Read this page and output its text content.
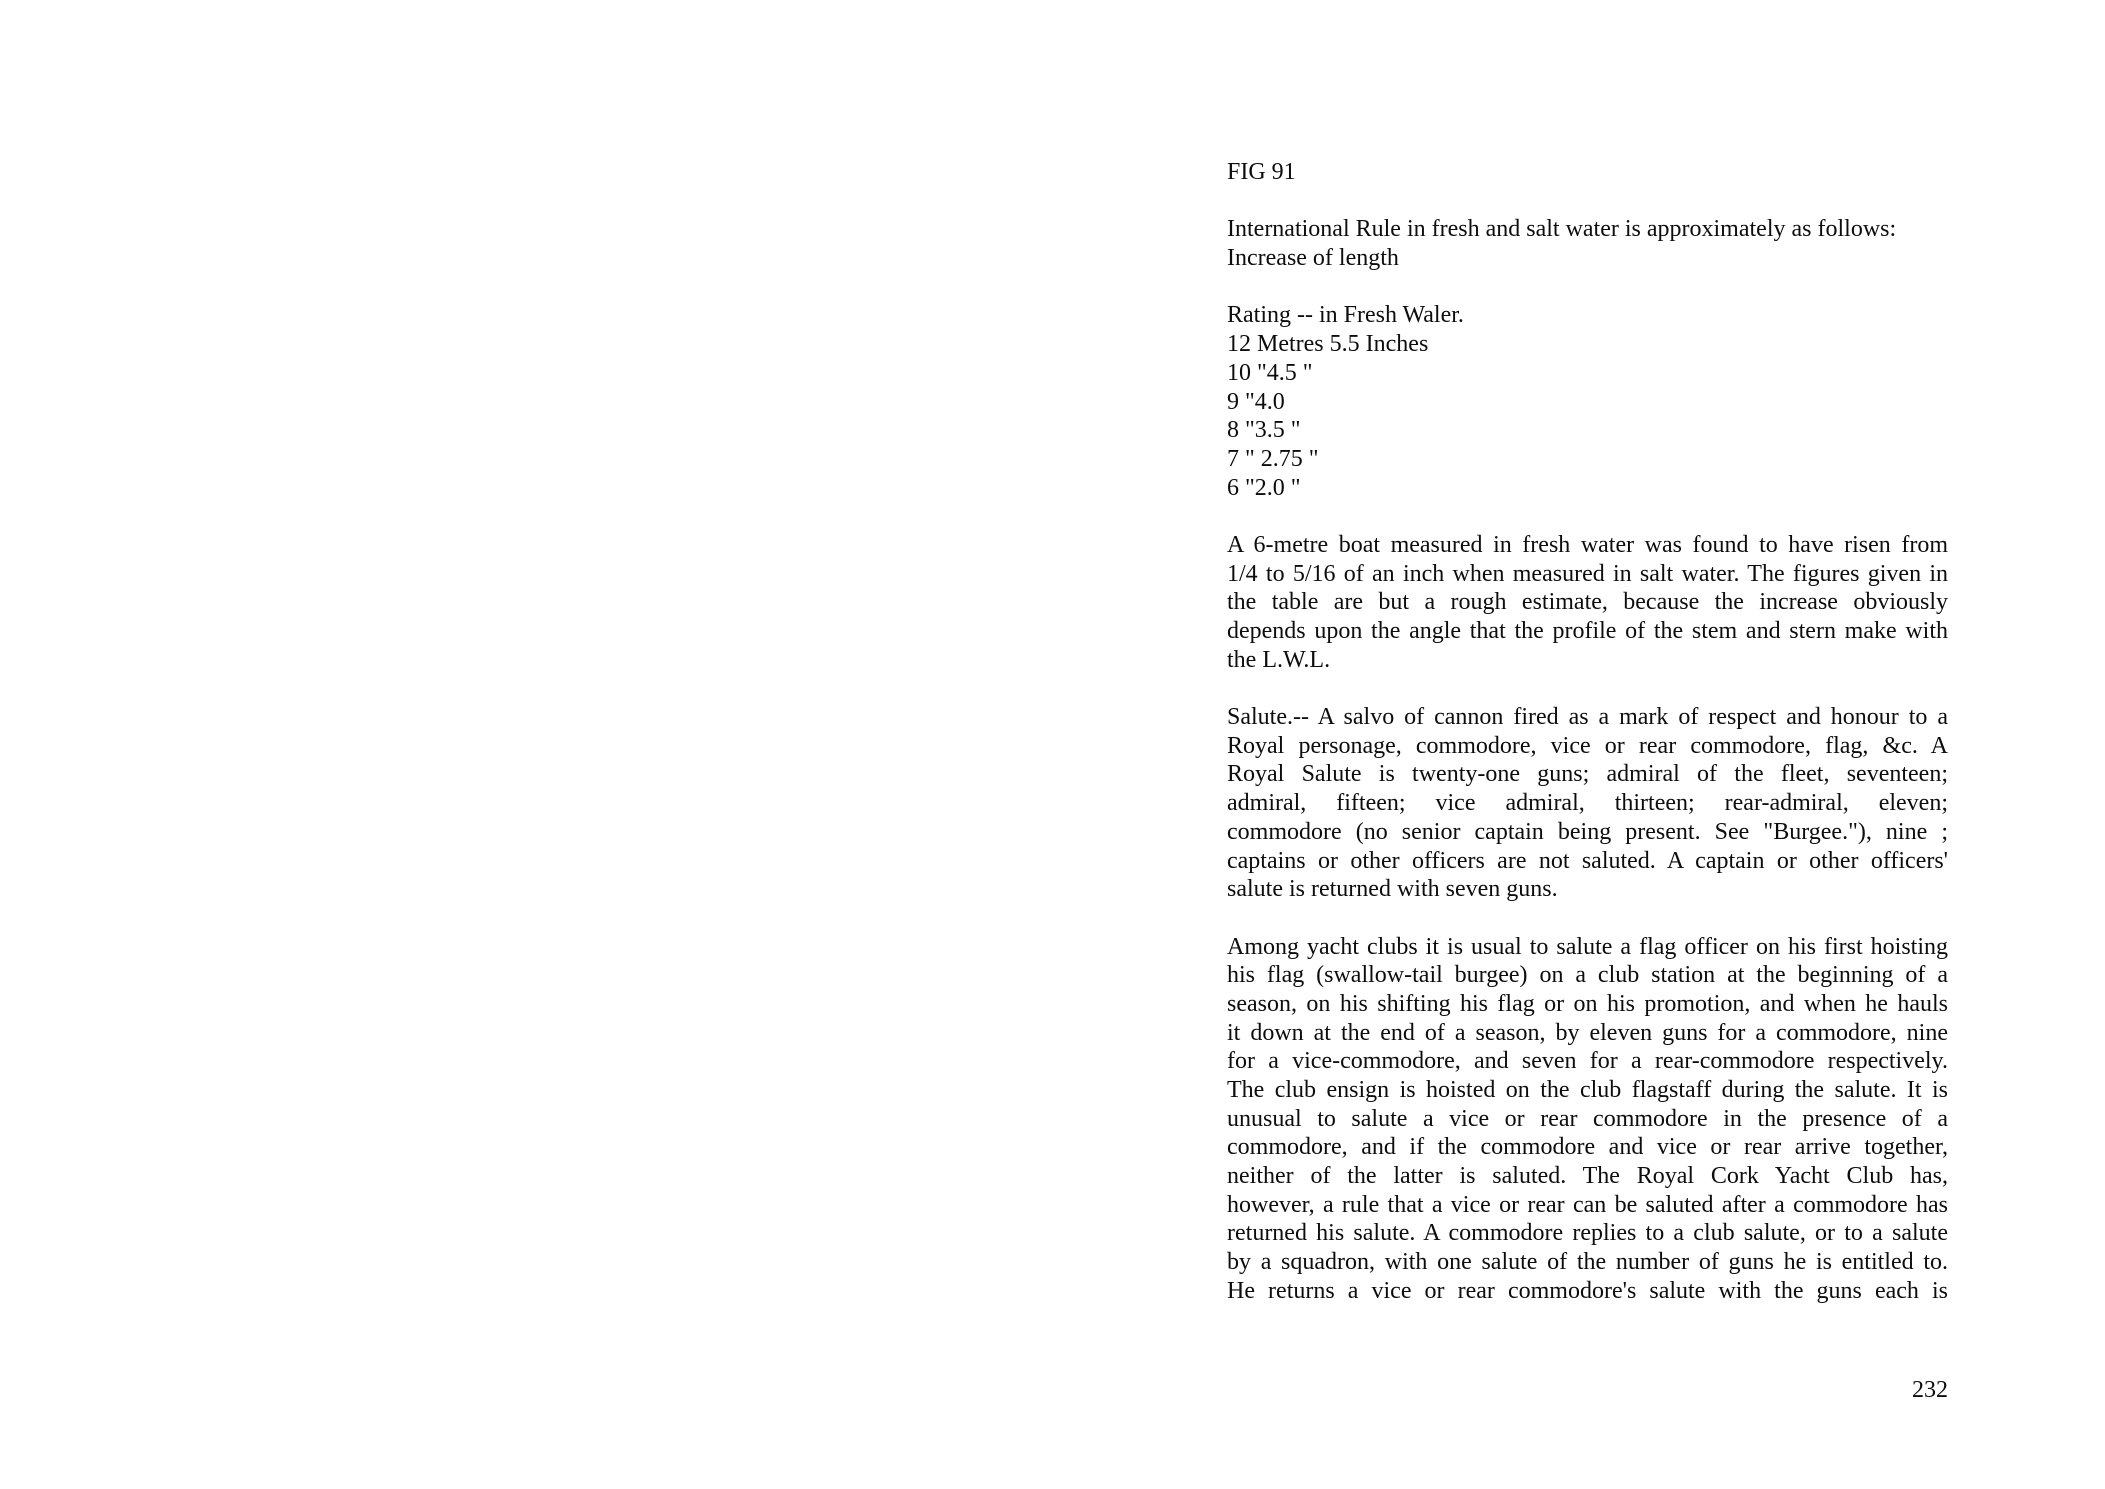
FIG 91
International Rule in fresh and salt water is approximately as follows:
Increase of length
Rating -- in Fresh Waler.
12 Metres 5.5 Inches
10 "4.5 "
9 "4.0
8 "3.5 "
7 " 2.75 "
6 "2.0 "
A 6-metre boat measured in fresh water was found to have risen from
1/4 to 5/16 of an inch when measured in salt water. The figures given in
the table are but a rough estimate, because the increase obviously
depends upon the angle that the profile of the stem and stern make with
the L.W.L.
Salute.-- A salvo of cannon fired as a mark of respect and honour to a
Royal personage, commodore, vice or rear commodore, flag, &c. A
Royal Salute is twenty-one guns; admiral of the fleet, seventeen;
admiral, fifteen; vice admiral, thirteen; rear-admiral, eleven;
commodore (no senior captain being present. See "Burgee."), nine ;
captains or other officers are not saluted. A captain or other officers'
salute is returned with seven guns.
Among yacht clubs it is usual to salute a flag officer on his first hoisting
his flag (swallow-tail burgee) on a club station at the beginning of a
season, on his shifting his flag or on his promotion, and when he hauls
it down at the end of a season, by eleven guns for a commodore, nine
for a vice-commodore, and seven for a rear-commodore respectively.
The club ensign is hoisted on the club flagstaff during the salute. It is
unusual to salute a vice or rear commodore in the presence of a
commodore, and if the commodore and vice or rear arrive together,
neither of the latter is saluted. The Royal Cork Yacht Club has,
however, a rule that a vice or rear can be saluted after a commodore has
returned his salute. A commodore replies to a club salute, or to a salute
by a squadron, with one salute of the number of guns he is entitled to.
He returns a vice or rear commodore's salute with the guns each is
232
